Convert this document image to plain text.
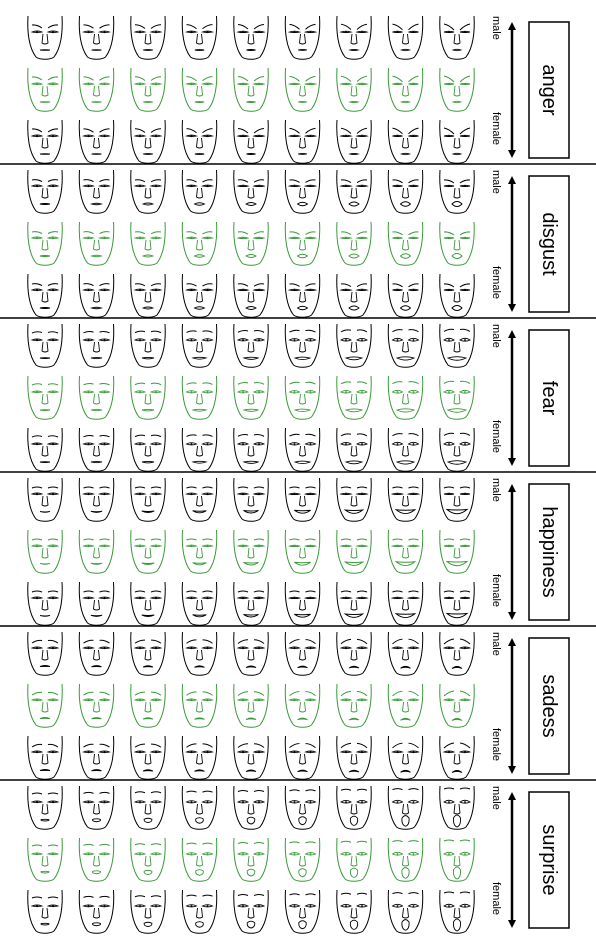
male
female
anger
male
female
disgust
male
female
fear
male
female happiness
male
female
sadess
male
female
surprise
